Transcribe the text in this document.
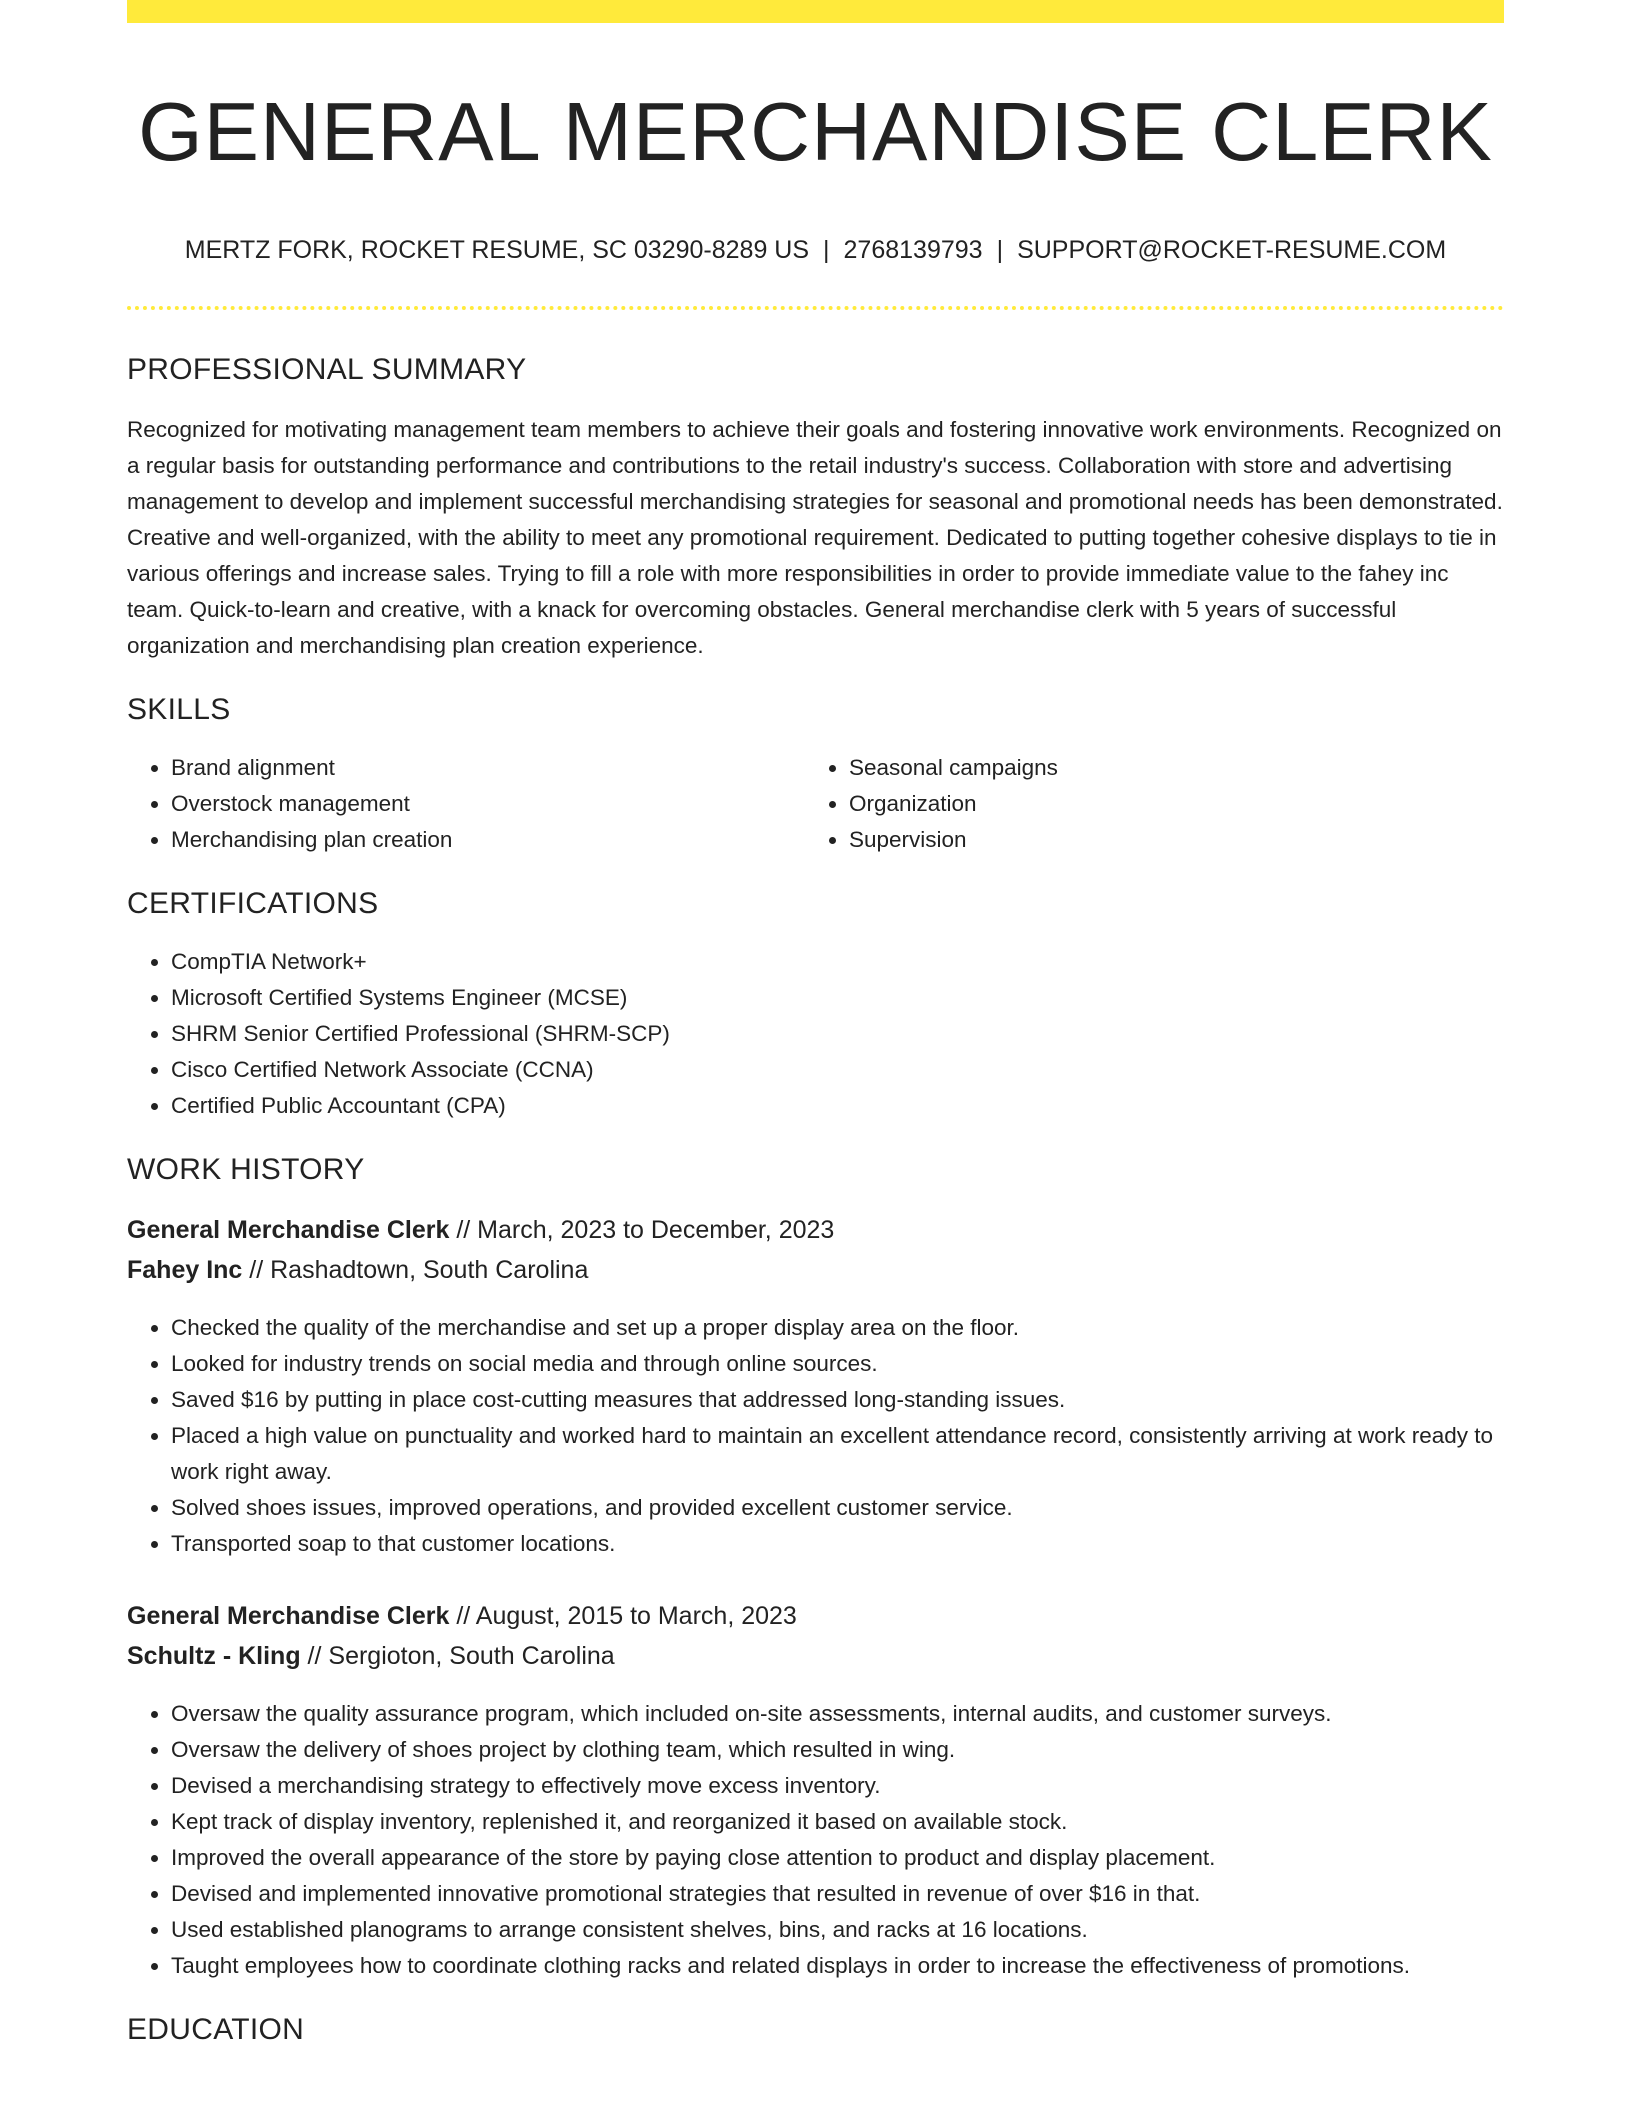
GENERAL MERCHANDISE CLERK
MERTZ FORK, ROCKET RESUME, SC 03290-8289 US | 2768139793 | SUPPORT@ROCKET-RESUME.COM
PROFESSIONAL SUMMARY

Recognized for motivating management team members to achieve their goals and fostering innovative work environments. Recognized on a regular basis for outstanding performance and contributions to the retail industry's success. Collaboration with store and advertising management to develop and implement successful merchandising strategies for seasonal and promotional needs has been demonstrated. Creative and well-organized, with the ability to meet any promotional requirement. Dedicated to putting together cohesive displays to tie in various offerings and increase sales. Trying to fill a role with more responsibilities in order to provide immediate value to the fahey inc team. Quick-to-learn and creative, with a knack for overcoming obstacles. General merchandise clerk with 5 years of successful organization and merchandising plan creation experience.

SKILLS
• Brand alignment
• Overstock management
• Merchandising plan creation
• Seasonal campaigns
• Organization
• Supervision
CERTIFICATIONS
• CompTIA Network+
• Microsoft Certified Systems Engineer (MCSE)
• SHRM Senior Certified Professional (SHRM-SCP)
• Cisco Certified Network Associate (CCNA)
• Certified Public Accountant (CPA)
WORK HISTORY
General Merchandise Clerk // March, 2023 to December, 2023
Fahey Inc // Rashadtown, South Carolina
• Checked the quality of the merchandise and set up a proper display area on the floor.
• Looked for industry trends on social media and through online sources.
• Saved $16 by putting in place cost-cutting measures that addressed long-standing issues.
• Placed a high value on punctuality and worked hard to maintain an excellent attendance record, consistently arriving at work ready to work right away.
• Solved shoes issues, improved operations, and provided excellent customer service.
• Transported soap to that customer locations.
General Merchandise Clerk // August, 2015 to March, 2023
Schultz - Kling // Sergioton, South Carolina
• Oversaw the quality assurance program, which included on-site assessments, internal audits, and customer surveys.
• Oversaw the delivery of shoes project by clothing team, which resulted in wing.
• Devised a merchandising strategy to effectively move excess inventory.
• Kept track of display inventory, replenished it, and reorganized it based on available stock.
• Improved the overall appearance of the store by paying close attention to product and display placement.
• Devised and implemented innovative promotional strategies that resulted in revenue of over $16 in that.
• Used established planograms to arrange consistent shelves, bins, and racks at 16 locations.
• Taught employees how to coordinate clothing racks and related displays in order to increase the effectiveness of promotions.
EDUCATION
